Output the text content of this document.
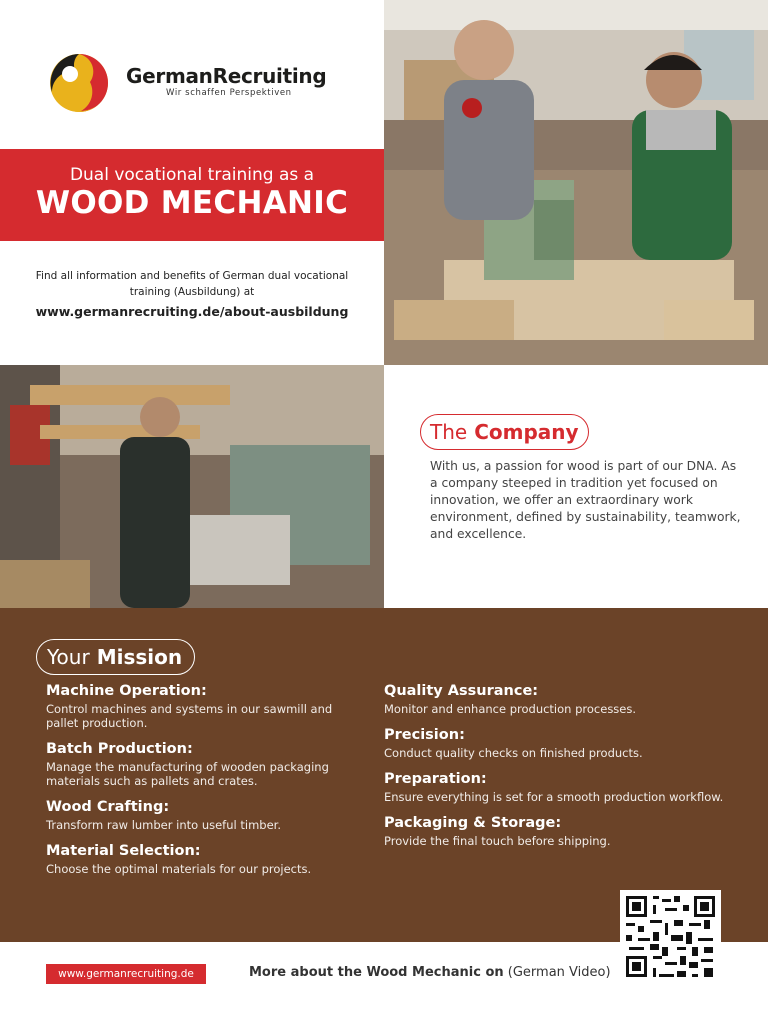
GermanRecruiting
Wir schaffen Perspektiven
Dual vocational training as a
WOOD MECHANIC
Find all information and benefits of German dual vocational training (Ausbildung) at
www.germanrecruiting.de/about-ausbildung
The Company
With us, a passion for wood is part of our DNA. As a company steeped in tradition yet focused on innovation, we offer an extraordinary work environment, defined by sustainability, teamwork, and excellence.
Your Mission
Machine Operation:
Control machines and systems in our sawmill and pallet production.
Batch Production:
Manage the manufacturing of wooden packaging materials such as pallets and crates.
Wood Crafting:
Transform raw lumber into useful timber.
Material Selection:
Choose the optimal materials for our projects.
Quality Assurance:
Monitor and enhance production processes.
Precision:
Conduct quality checks on finished products.
Preparation:
Ensure everything is set for a smooth production workflow.
Packaging & Storage:
Provide the final touch before shipping.
www.germanrecruiting.de	More about the Wood Mechanic on (German Video)
